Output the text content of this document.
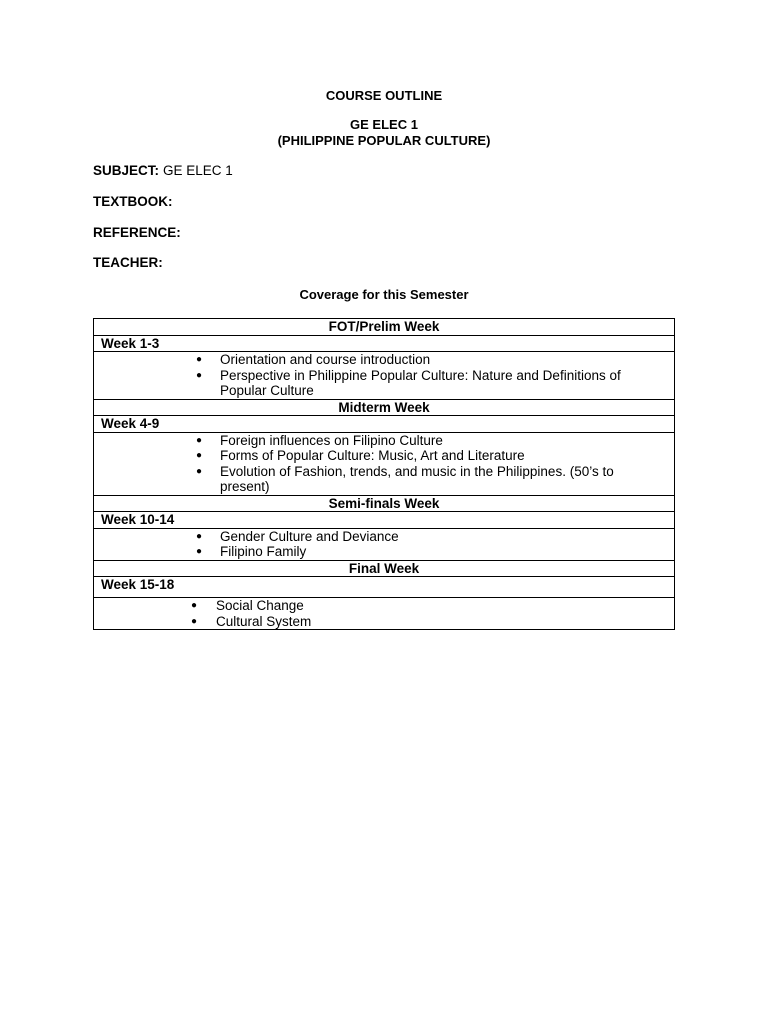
COURSE OUTLINE
GE ELEC 1
(PHILIPPINE POPULAR CULTURE)
SUBJECT: GE ELEC 1
TEXTBOOK:
REFERENCE:
TEACHER:
Coverage for this Semester
FOT/Prelim Week
Week 1-3

● Orientation and course introduction
● Perspective in Philippine Popular Culture: Nature and Definitions of Popular Culture

Midterm Week
Week 4-9

● Foreign influences on Filipino Culture
● Forms of Popular Culture: Music, Art and Literature
● Evolution of Fashion, trends, and music in the Philippines. (50’s to present)

Semi-finals Week
Week 10-14

● Gender Culture and Deviance
● Filipino Family

Final Week
Week 15-18

● Social Change
● Cultural System
